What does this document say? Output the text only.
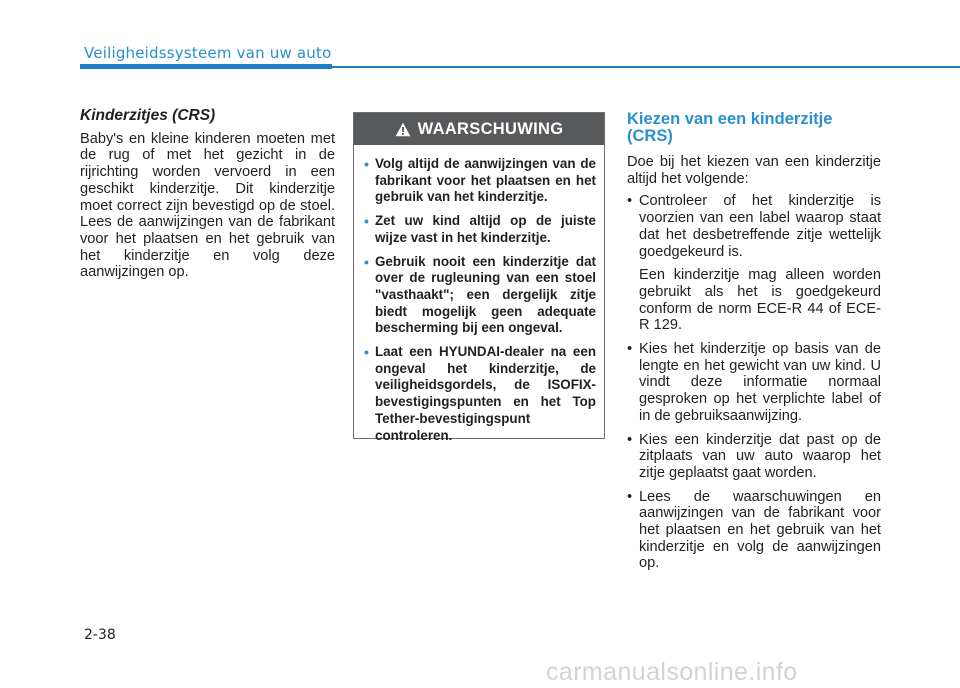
Veiligheidssysteem van uw auto
Kinderzitjes (CRS)

Baby's en kleine kinderen moeten met de rug of met het gezicht in de rijrichting worden vervoerd in een geschikt kinderzitje. Dit kinderzitje moet correct zijn bevestigd op de stoel. Lees de aanwijzingen van de fabrikant voor het plaatsen en het gebruik van het kinderzitje en volg deze aanwijzingen op.

WAARSCHUWING
• Volg altijd de aanwijzingen van de fabrikant voor het plaatsen en het gebruik van het kinderzitje.
• Zet uw kind altijd op de juiste wijze vast in het kinderzitje.
• Gebruik nooit een kinderzitje dat over de rugleuning van een stoel "vasthaakt"; een dergelijk zitje biedt mogelijk geen adequate bescherming bij een ongeval.
• Laat een HYUNDAI-dealer na een ongeval het kinderzitje, de veiligheidsgordels, de ISOFIX-bevestigingspunten en het Top Tether-bevestigingspunt controleren.
Kiezen van een kinderzitje (CRS)

Doe bij het kiezen van een kinderzitje altijd het volgende:

• Controleer of het kinderzitje is voorzien van een label waarop staat dat het desbetreffende zitje wettelijk goedgekeurd is.

Een kinderzitje mag alleen worden gebruikt als het is goedgekeurd conform de norm ECE-R 44 of ECE-R 129.

• Kies het kinderzitje op basis van de lengte en het gewicht van uw kind. U vindt deze informatie normaal gesproken op het verplichte label of in de gebruiksaanwijzing.
• Kies een kinderzitje dat past op de zitplaats van uw auto waarop het zitje geplaatst gaat worden.
• Lees de waarschuwingen en aanwijzingen van de fabrikant voor het plaatsen en het gebruik van het kinderzitje en volg de aanwijzingen op.
2-38
carmanualsonline.info
